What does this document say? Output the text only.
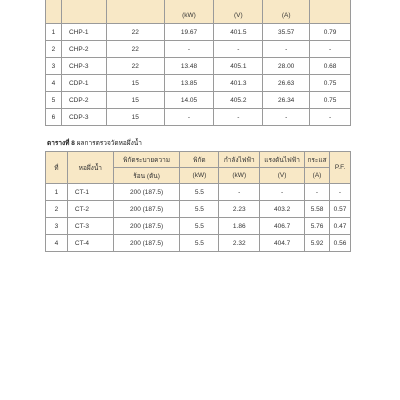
			(kW)	(V)	(A)	

1	CHP-1	22	19.67	401.5	35.57	0.79
2	CHP-2	22	-	-	-	-
3	CHP-3	22	13.48	405.1	28.00	0.68
4	CDP-1	15	13.85	401.3	26.63	0.75
5	CDP-2	15	14.05	405.2	26.34	0.75
6	CDP-3	15	-	-	-	-
ตารางที่ 8 ผลการตรวจวัดหอผึ่งน้ำ
ที่	หอผึ่งน้ำ	พิกัดระบายความ	พิกัด	กำลังไฟฟ้า	แรงดันไฟฟ้า	กระแส	P.F.
		ร้อน (ตัน)	(kW)	(kW)	(V)	(A)	
1	CT-1	200 (187.5)	5.5	-	-	-	-
2	CT-2	200 (187.5)	5.5	2.23	403.2	5.58	0.57
3	CT-3	200 (187.5)	5.5	1.86	406.7	5.76	0.47
4	CT-4	200 (187.5)	5.5	2.32	404.7	5.92	0.56
